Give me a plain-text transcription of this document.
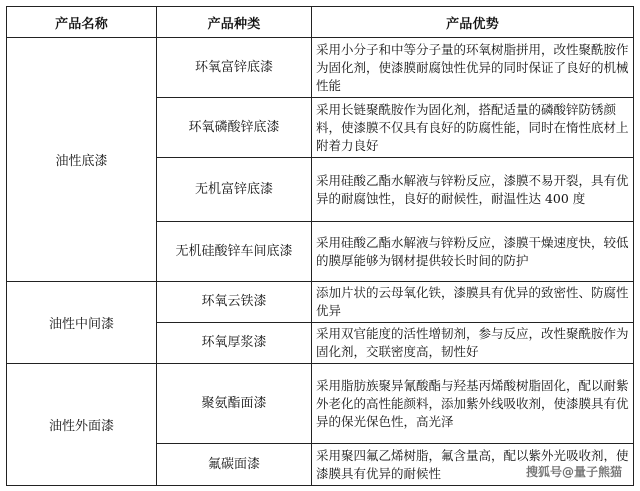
产品名称	产品种类	产品优势
油性底漆	环氧富锌底漆	采用小分子和中等分子量的环氧树脂拼用，改性聚酰胺作为固化剂，使漆膜耐腐蚀性优异的同时保证了良好的机械性能
	环氧磷酸锌底漆	采用长链聚酰胺作为固化剂，搭配适量的磷酸锌防锈颜料，使漆膜不仅具有良好的防腐性能，同时在惰性底材上附着力良好
	无机富锌底漆	采用硅酸乙酯水解液与锌粉反应，漆膜不易开裂，具有优异的耐腐蚀性，良好的耐候性，耐温性达 400 度
	无机硅酸锌车间底漆	采用硅酸乙酯水解液与锌粉反应，漆膜干燥速度快，较低的膜厚能够为钢材提供较长时间的防护
油性中间漆	环氧云铁漆	添加片状的云母氧化铁，漆膜具有优异的致密性、防腐性优异
	环氧厚浆漆	采用双官能度的活性增韧剂，参与反应，改性聚酰胺作为固化剂，交联密度高，韧性好
油性外面漆	聚氨酯面漆	采用脂肪族聚异氰酸酯与羟基丙烯酸树脂固化，配以耐紫外老化的高性能颜料，添加紫外线吸收剂，使漆膜具有优异的保光保色性，高光泽
	氟碳面漆	采用聚四氟乙烯树脂，氟含量高，配以紫外光吸收剂，使漆膜具有优异的耐候性	搜狐号@量子熊猫
